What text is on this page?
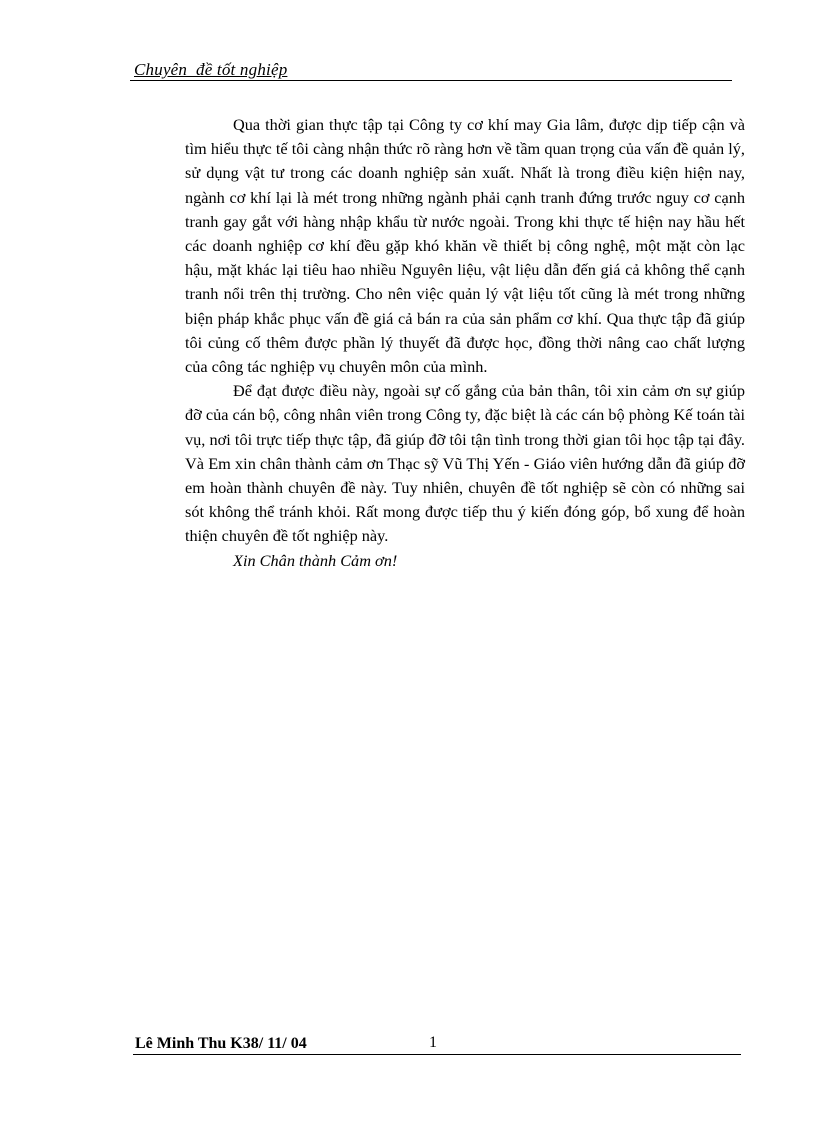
Chuyên  đề tốt nghiệp

Qua thời gian thực tập tại Công ty cơ khí may Gia lâm, được dịp tiếp cận và tìm hiểu thực tế tôi càng nhận thức rõ ràng hơn về tầm quan trọng của vấn đề quản lý, sử dụng vật tư trong các doanh nghiệp sản xuất. Nhất là trong điều kiện hiện nay, ngành cơ khí lại là mét trong những ngành phải cạnh tranh đứng trước nguy cơ cạnh tranh gay gắt với hàng nhập khẩu từ nước ngoài. Trong khi thực tế hiện nay hầu hết các doanh nghiệp cơ khí đều gặp khó khăn về thiết bị công nghệ, một mặt còn lạc hậu, mặt khác lại tiêu hao nhiều Nguyên liệu, vật liệu dẫn đến giá cả không thể cạnh tranh nổi trên thị trường. Cho nên việc quản lý vật liệu tốt cũng là mét trong những biện pháp khắc phục vấn đề giá cả bán ra của sản phẩm cơ khí. Qua thực tập đã giúp tôi củng cố thêm được phần lý thuyết đã được học, đồng thời nâng cao chất lượng của công tác nghiệp vụ chuyên môn của mình.

Để đạt được điều này, ngoài sự cố gắng của bản thân, tôi xin cảm ơn sự giúp đỡ của cán bộ, công nhân viên trong Công ty, đặc biệt là các cán bộ phòng Kế toán tài vụ, nơi tôi trực tiếp thực tập, đã giúp đỡ tôi tận tình trong thời gian tôi học tập tại đây. Và Em xin chân thành cảm ơn Thạc sỹ Vũ Thị Yến - Giáo viên hướng dẫn đã giúp đỡ em hoàn thành chuyên đề này. Tuy nhiên, chuyên đề tốt nghiệp sẽ còn có những sai sót không thể tránh khỏi. Rất mong được tiếp thu ý kiến đóng góp, bổ xung để hoàn thiện chuyên đề tốt nghiệp này.

Xin Chân thành Cảm ơn!

Lê Minh Thu K38/ 11/ 04	1
